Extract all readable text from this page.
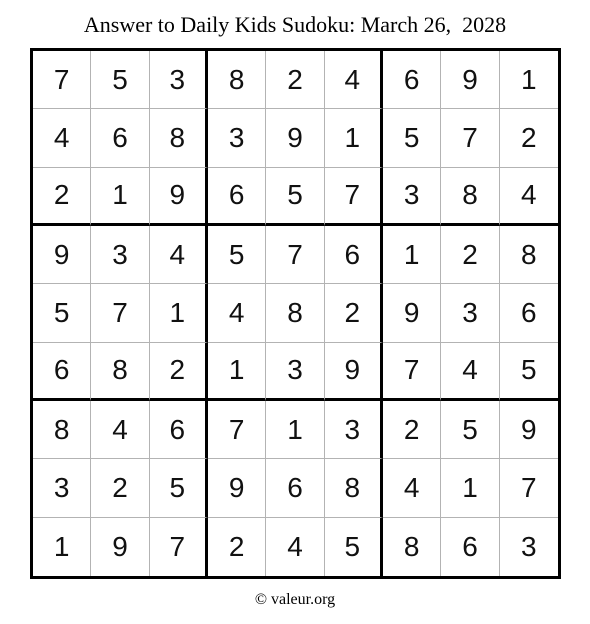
Answer to Daily Kids Sudoku: March 26,  2028
7	5	3	8	2	4	6	9	1
4	6	8	3	9	1	5	7	2
2	1	9	6	5	7	3	8	4
9	3	4	5	7	6	1	2	8
5	7	1	4	8	2	9	3	6
6	8	2	1	3	9	7	4	5
8	4	6	7	1	3	2	5	9
3	2	5	9	6	8	4	1	7
1	9	7	2	4	5	8	6	3
© valeur.org
